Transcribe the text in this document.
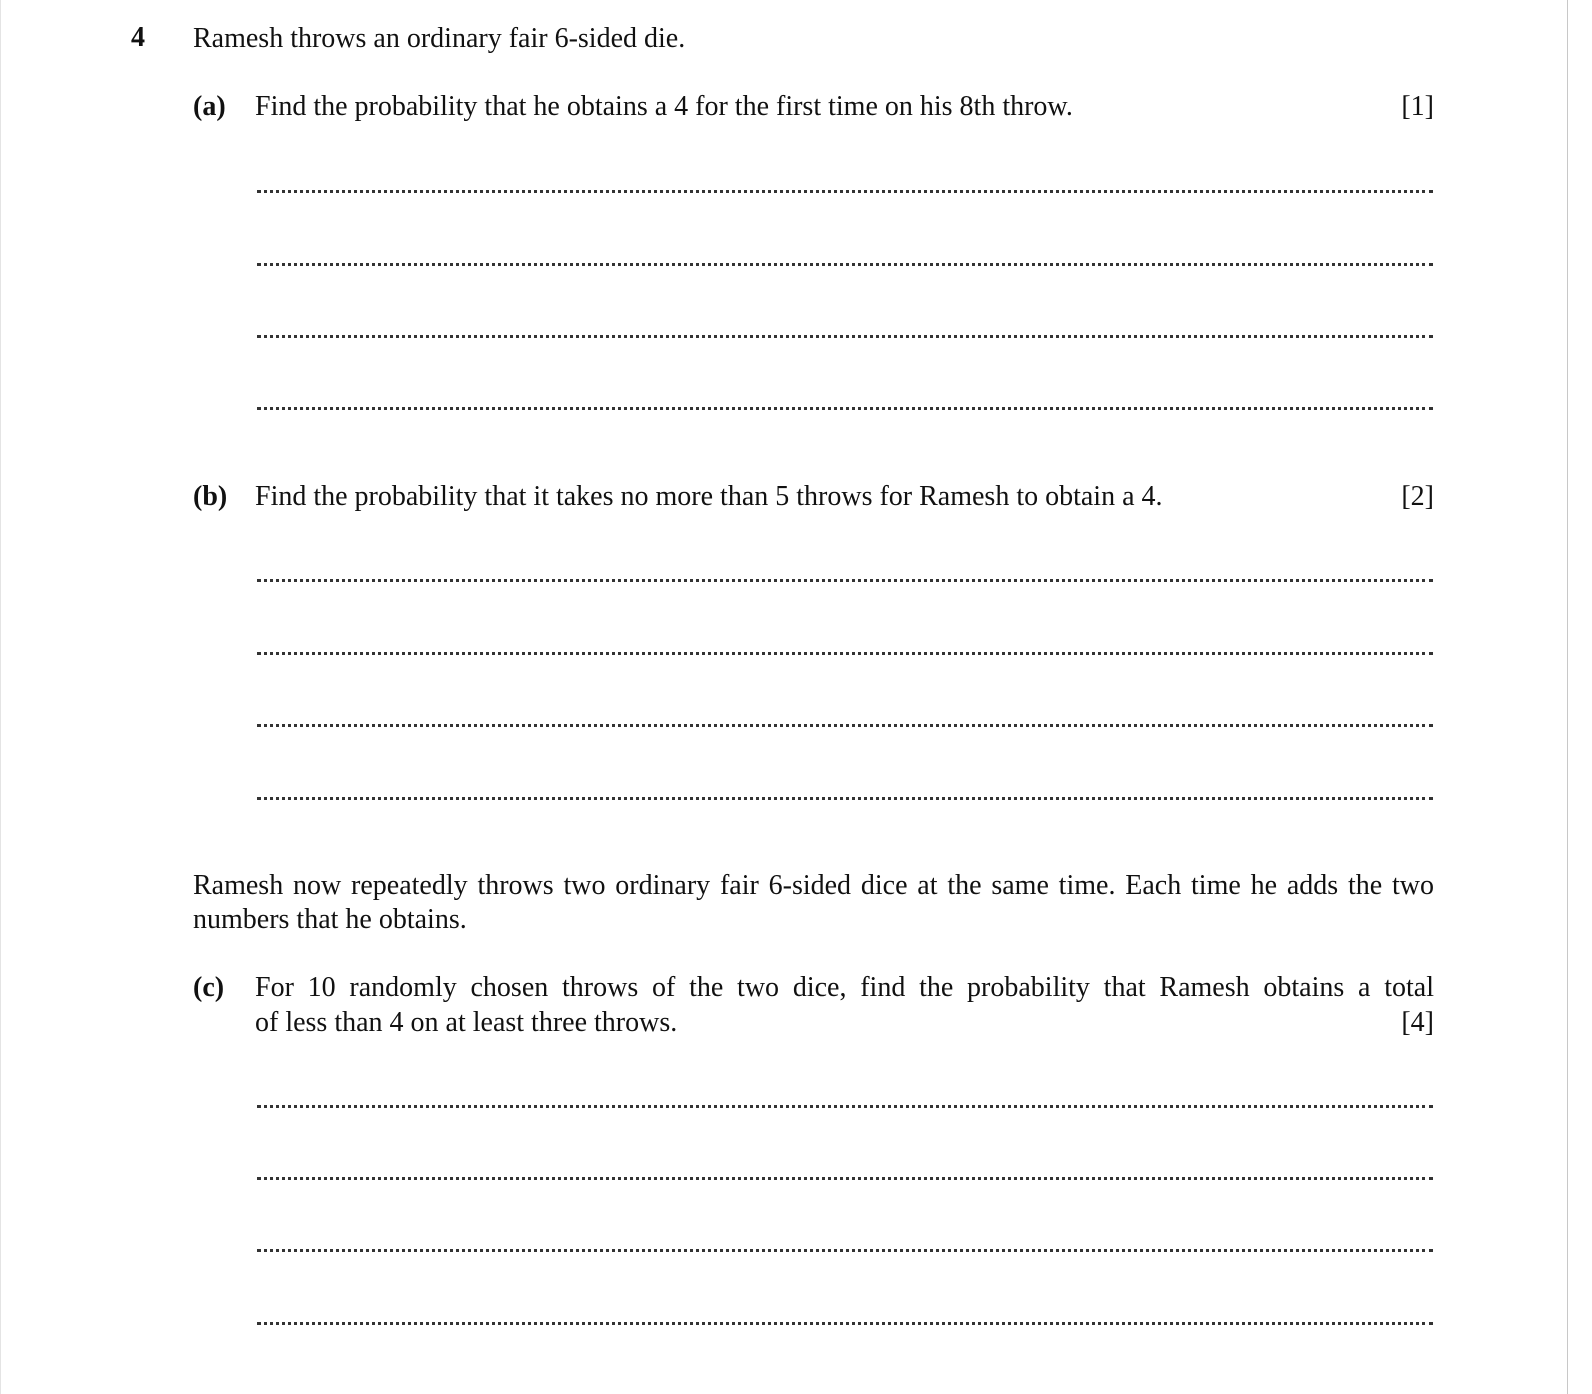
4 Ramesh throws an ordinary fair 6-sided die.
(a) Find the probability that he obtains a 4 for the first time on his 8th throw.	[1]
(b) Find the probability that it takes no more than 5 throws for Ramesh to obtain a 4.	[2]
Ramesh now repeatedly throws two ordinary fair 6-sided dice at the same time. Each time he adds the two numbers that he obtains.
(c) For 10 randomly chosen throws of the two dice, find the probability that Ramesh obtains a total
of less than 4 on at least three throws.	[4]
